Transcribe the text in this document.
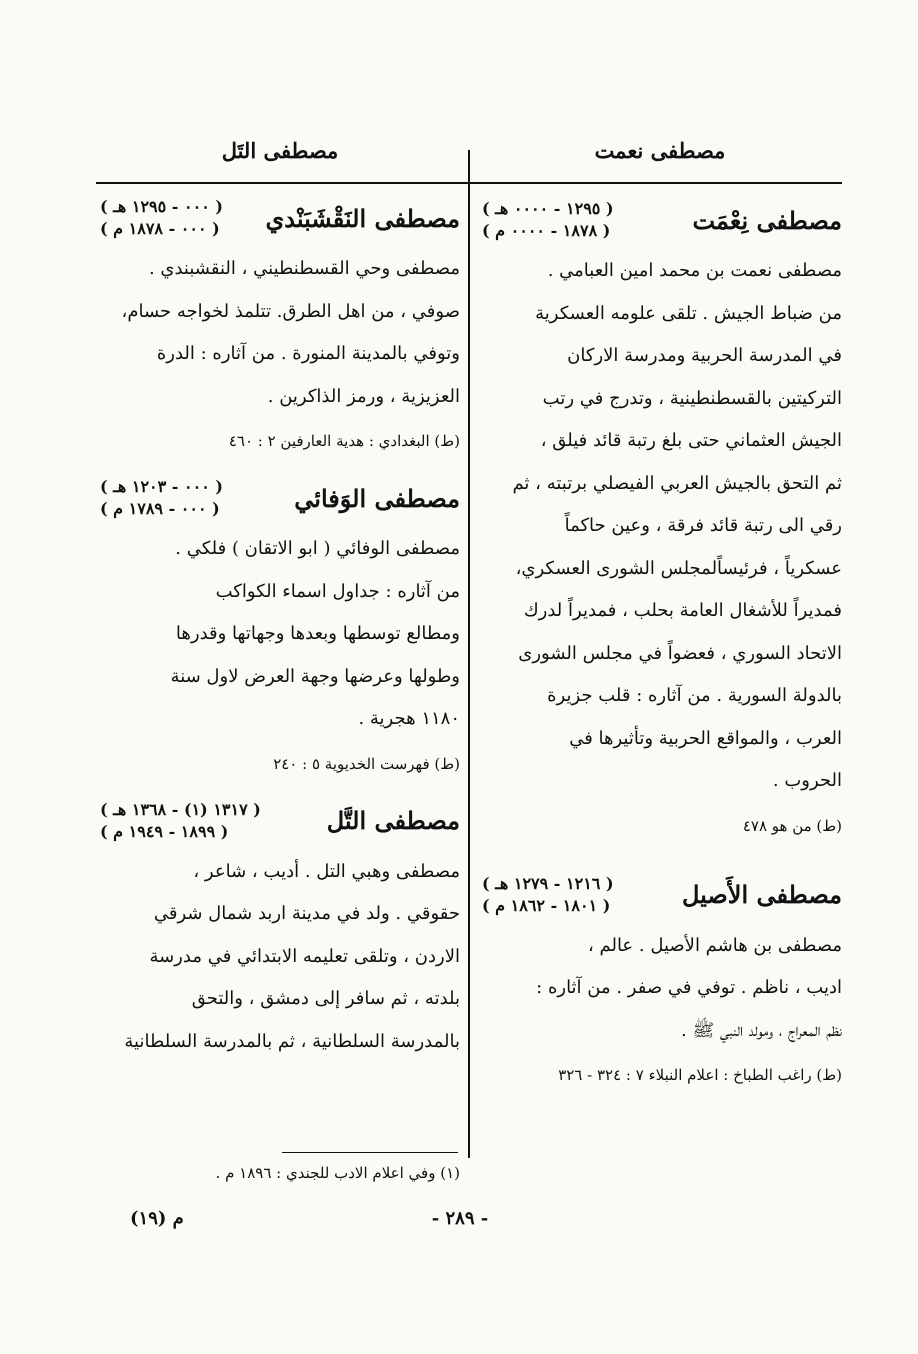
مصطفى نعمت
مصطفى التَل
مصطفى نِعْمَت
( ١٢٩٥ - ٠٠٠٠ هـ )
( ١٨٧٨ - ٠٠٠٠ م )
مصطفى نعمت بن محمد امين العبامي .
من ضباط الجيش . تلقى علومه العسكرية
في المدرسة الحربية ومدرسة الاركان
التركيتين بالقسطنطينية ، وتدرج في رتب
الجيش العثماني حتى بلغ رتبة قائد فيلق ،
ثم التحق بالجيش العربي الفيصلي برتبته ، ثم
رقي الى رتبة قائد فرقة ، وعين حاكماً
عسكرياً ، فرئيساًلمجلس الشورى العسكري،
فمديراً للأشغال العامة بحلب ، فمديراً لدرك
الاتحاد السوري ، فعضواً في مجلس الشورى
بالدولة السورية . من آثاره : قلب جزيرة
العرب ، والمواقع الحربية وتأثيرها في
الحروب .
(ط) من هو ٤٧٨
مصطفى الأَصيل
( ١٢١٦ - ١٢٧٩ هـ )
( ١٨٠١ - ١٨٦٢ م )
مصطفى بن هاشم الأصيل . عالم ،
اديب ، ناظم . توفي في صفر . من آثاره :
نظم المعراج ، ومولد النبي ﷺ .
(ط) راغب الطباخ : اعلام النبلاء ٧ : ٣٢٤ - ٣٢٦
مصطفى النَقْشَبَنْدي
( ٠٠٠ - ١٢٩٥ هـ )
( ٠٠٠ - ١٨٧٨ م )
مصطفى وحي القسطنطيني ، النقشبندي .
صوفي ، من اهل الطرق. تتلمذ لخواجه حسام،
وتوفي بالمدينة المنورة . من آثاره : الدرة
العزيزية ، ورمز الذاكرين .
(ط) البغدادي : هدية العارفين ٢ : ٤٦٠
مصطفى الوَفائي
( ٠٠٠ - ١٢٠٣ هـ )
( ٠٠٠ - ١٧٨٩ م )
مصطفى الوفائي ( ابو الاتقان ) فلكي .
من آثاره : جداول اسماء الكواكب
ومطالع توسطها وبعدها وجهاتها وقدرها
وطولها وعرضها وجهة العرض لاول سنة
١١٨٠ هجرية .
(ط) فهرست الخديوية ٥ : ٢٤٠
مصطفى التَّل
( ١٣١٧ (١) - ١٣٦٨ هـ )
( ١٨٩٩ - ١٩٤٩ م )
مصطفى وهبي التل . أديب ، شاعر ،
حقوقي . ولد في مدينة اربد شمال شرقي
الاردن ، وتلقى تعليمه الابتدائي في مدرسة
بلدته ، ثم سافر إلى دمشق ، والتحق
بالمدرسة السلطانية ، ثم بالمدرسة السلطانية
(١) وفي اعلام الادب للجندي : ١٨٩٦ م .
- ٢٨٩ -
م (١٩)
